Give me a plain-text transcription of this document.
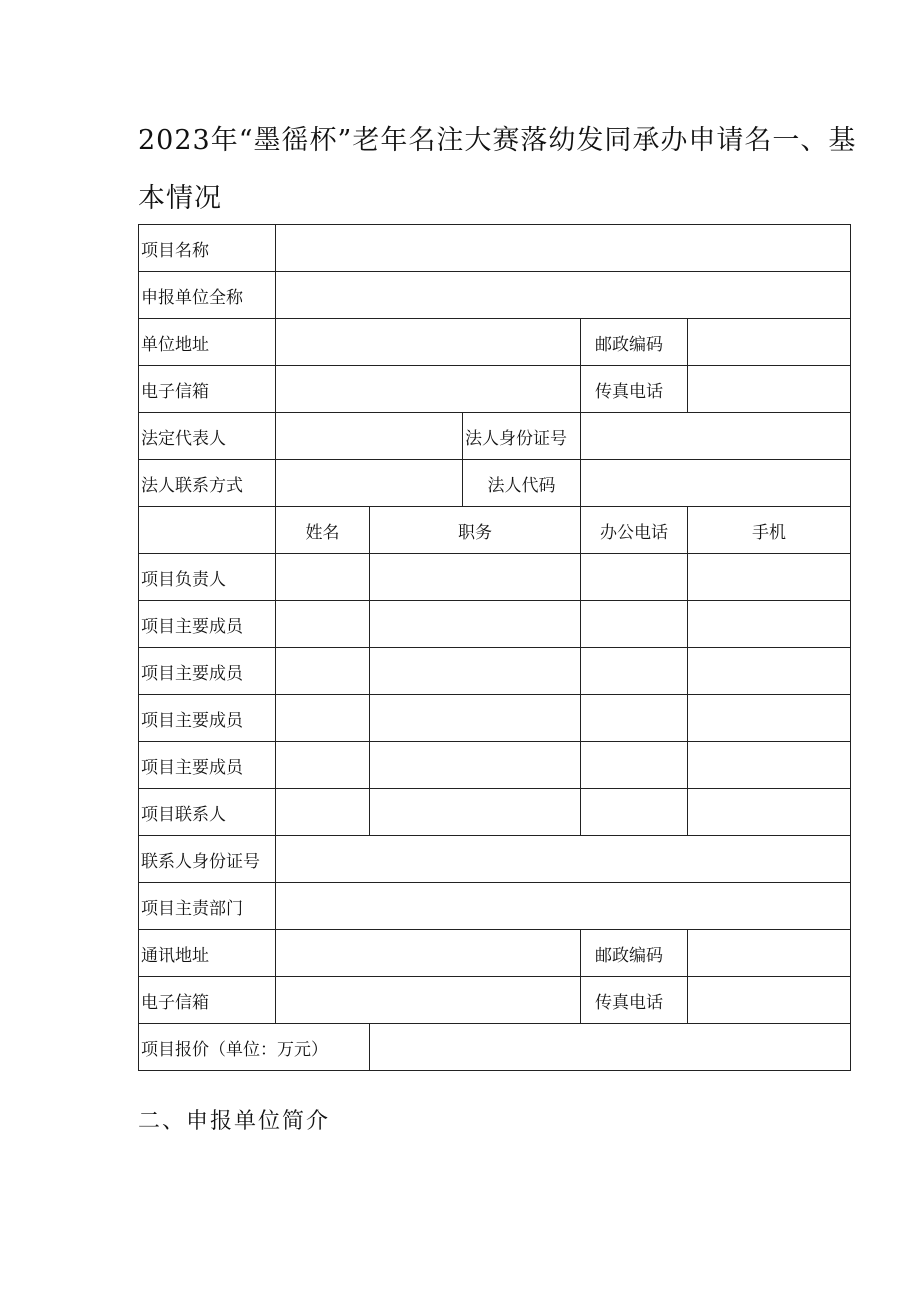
2023年“墨徭杯”老年名注大赛落幼发同承办申请名一、基本情况
项目名称					
申报单位全称					
单位地址				邮政编码	
电子信箱				传真电话	
法定代表人			法人身份证号		
法人联系方式			法人代码		
	姓名	职务		办公电话	手机
项目负责人					
项目主要成员					
项目主要成员					
项目主要成员					
项目主要成员					
项目联系人					
联系人身份证号					
项目主责部门					
通讯地址				邮政编码	
电子信箱				传真电话	
项目报价（单位：万元）					
二、申报单位简介
